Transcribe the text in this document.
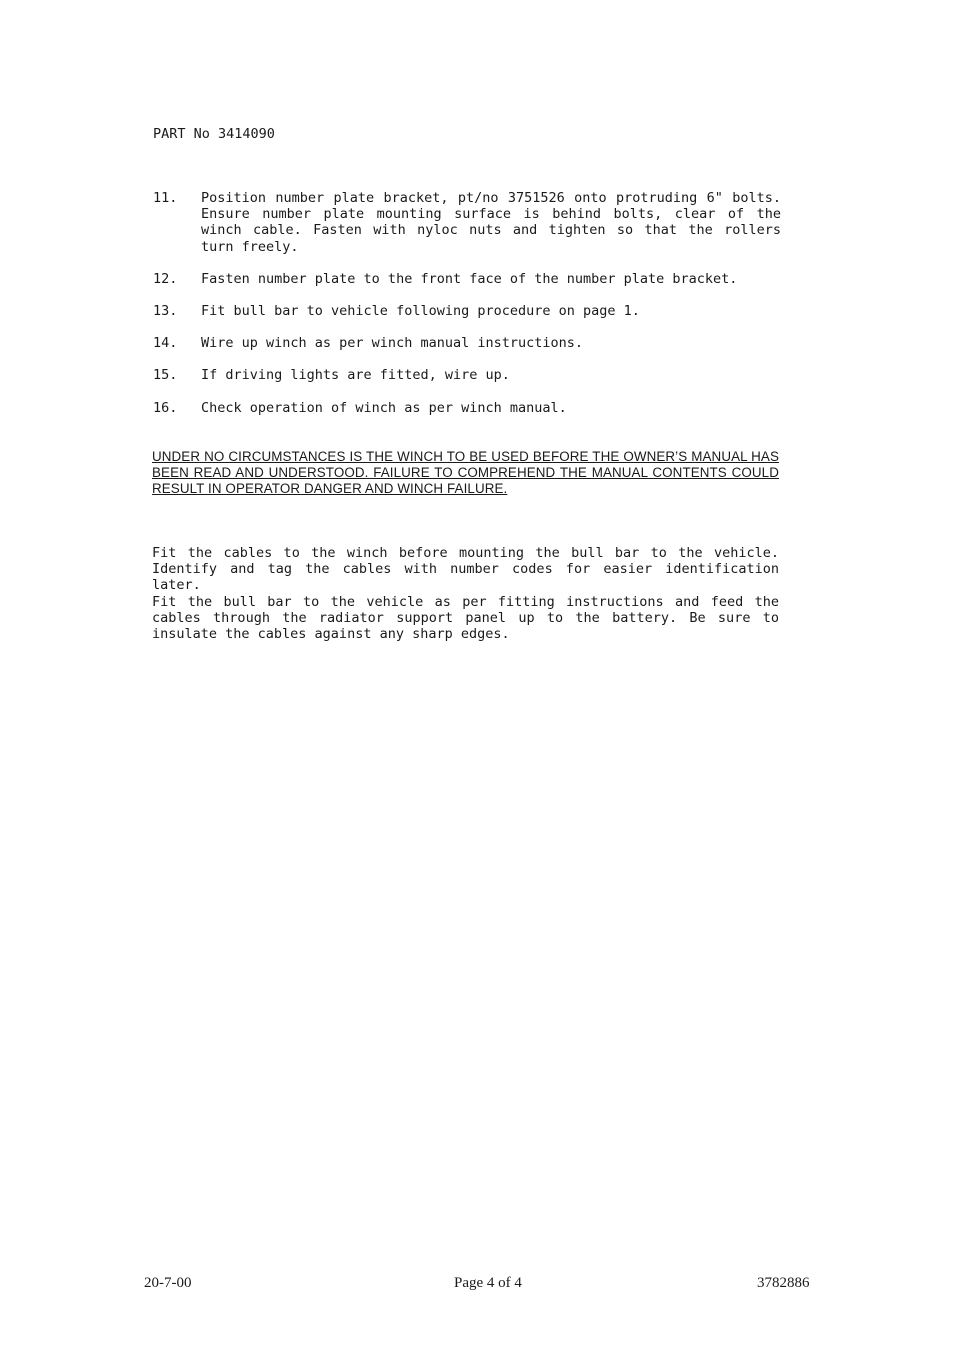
PART No 3414090
11.	Position number plate bracket, pt/no 3751526 onto protruding 6" bolts. Ensure number plate mounting surface is behind bolts, clear of the winch cable. Fasten with nyloc nuts and tighten so that the rollers turn freely.
12.	Fasten number plate to the front face of the number plate bracket.
13.	Fit bull bar to vehicle following procedure on page 1.
14.	Wire up winch as per winch manual instructions.
15.	If driving lights are fitted, wire up.
16.	Check operation of winch as per winch manual.
UNDER NO CIRCUMSTANCES IS THE WINCH TO BE USED BEFORE THE OWNER’S MANUAL HAS BEEN READ AND UNDERSTOOD. FAILURE TO COMPREHEND THE MANUAL CONTENTS COULD RESULT IN OPERATOR DANGER AND WINCH FAILURE.

Fit the cables to the winch before mounting the bull bar to the vehicle. Identify and tag the cables with number codes for easier identification later.

Fit the bull bar to the vehicle as per fitting instructions and feed the cables through the radiator support panel up to the battery. Be sure to insulate the cables against any sharp edges.

20-7-00	Page 4 of 4	3782886
